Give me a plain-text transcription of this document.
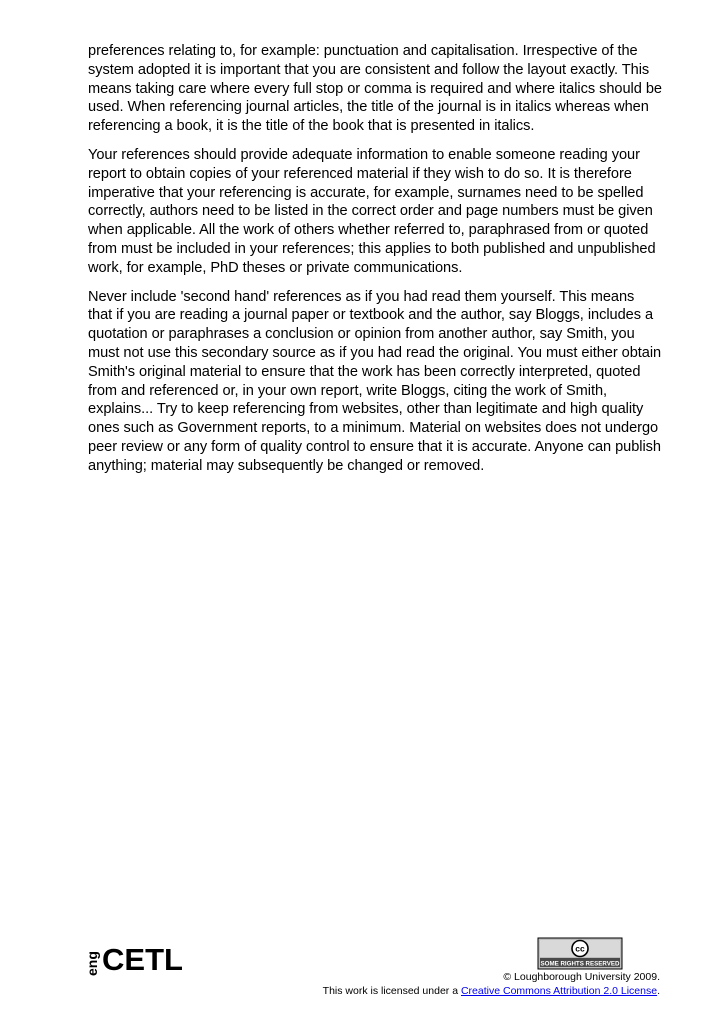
preferences relating to, for example: punctuation and capitalisation. Irrespective of the system adopted it is important that you are consistent and follow the layout exactly. This means taking care where every full stop or comma is required and where italics should be used. When referencing journal articles, the title of the journal is in italics whereas when referencing a book, it is the title of the book that is presented in italics.

Your references should provide adequate information to enable someone reading your report to obtain copies of your referenced material if they wish to do so. It is therefore imperative that your referencing is accurate, for example, surnames need to be spelled correctly, authors need to be listed in the correct order and page numbers must be given when applicable. All the work of others whether referred to, paraphrased from or quoted from must be included in your references; this applies to both published and unpublished work, for example, PhD theses or private communications.

Never include 'second hand' references as if you had read them yourself. This means that if you are reading a journal paper or textbook and the author, say Bloggs, includes a quotation or paraphrases a conclusion or opinion from another author, say Smith, you must not use this secondary source as if you had read the original. You must either obtain Smith's original material to ensure that the work has been correctly interpreted, quoted from and referenced or, in your own report, write Bloggs, citing the work of Smith, explains... Try to keep referencing from websites, other than legitimate and high quality ones such as Government reports, to a minimum. Material on websites does not undergo peer review or any form of quality control to ensure that it is accurate. Anyone can publish anything; material may subsequently be changed or removed.

eng CETL	cc
SOME RIGHTS RESERVED
© Loughborough University 2009.
This work is licensed under a Creative Commons Attribution 2.0 License.
